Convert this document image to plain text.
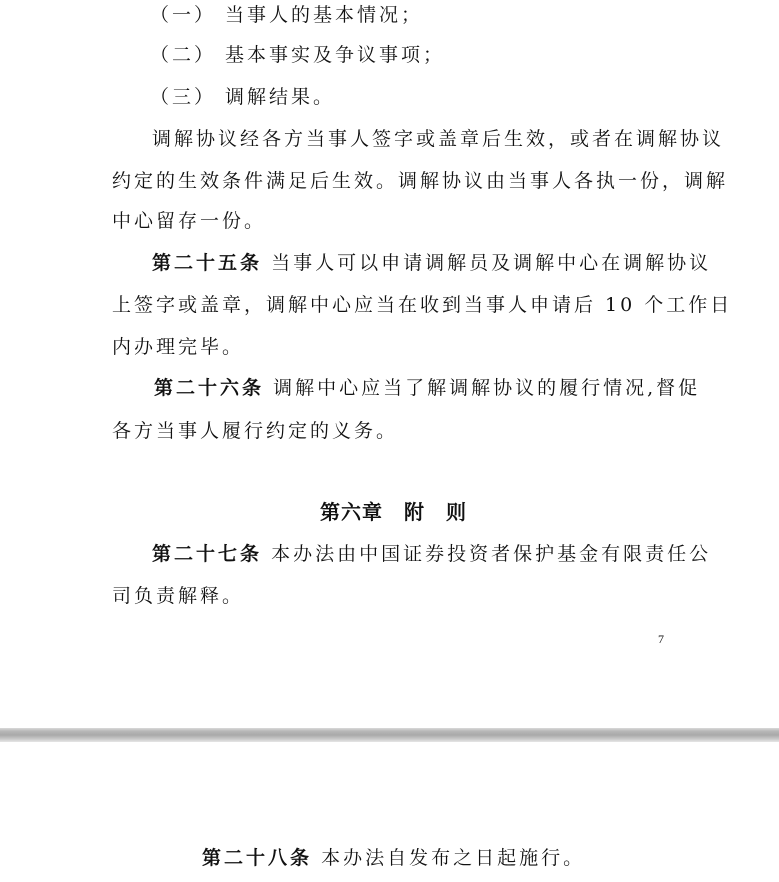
（一） 当事人的基本情况；
（二） 基本事实及争议事项；
（三） 调解结果。
调解协议经各方当事人签字或盖章后生效，或者在调解协议
约定的生效条件满足后生效。调解协议由当事人各执一份，调解
中心留存一份。
第二十五条 当事人可以申请调解员及调解中心在调解协议
上签字或盖章，调解中心应当在收到当事人申请后 10 个工作日
内办理完毕。
第二十六条 调解中心应当了解调解协议的履行情况,督促
各方当事人履行约定的义务。
第六章　附　则
第二十七条 本办法由中国证券投资者保护基金有限责任公
司负责解释。
7
第二十八条 本办法自发布之日起施行。
